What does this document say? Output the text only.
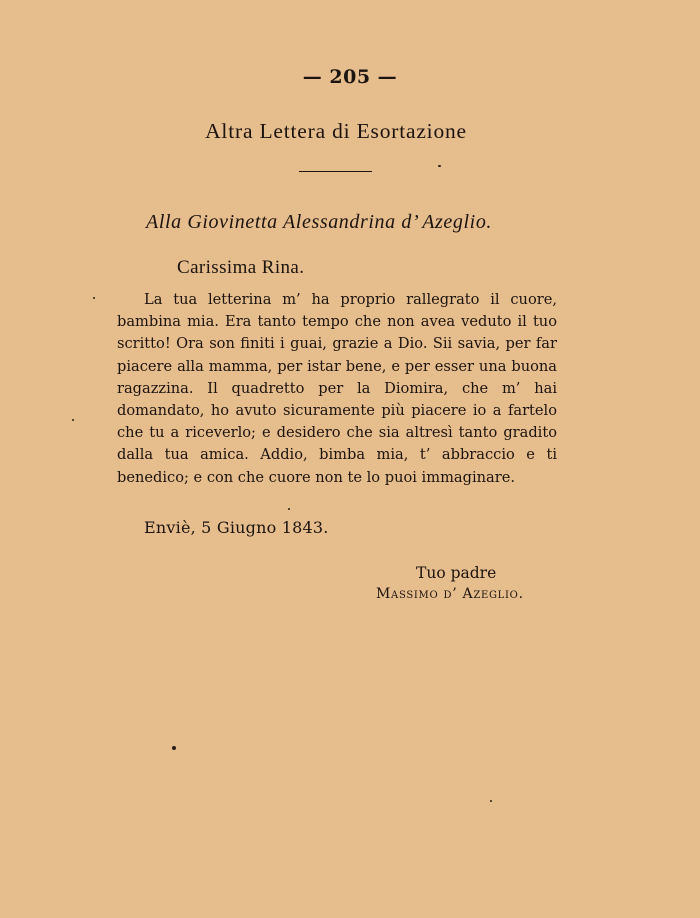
— 205 —
Altra Lettera di Esortazione
Alla Giovinetta Alessandrina d’ Azeglio.
Carissima Rina.

La tua letterina m’ ha proprio rallegrato il cuore, bambina mia. Era tanto tempo che non avea veduto il tuo scritto! Ora son finiti i guai, grazie a Dio. Sii savia, per far piacere alla mamma, per istar bene, e per esser una buona ragazzina. Il quadretto per la Diomira, che m’ hai domandato, ho avuto sicuramente più piacere io a fartelo che tu a riceverlo; e desidero che sia altresì tanto gradito dalla tua amica. Addio, bimba mia, t’ abbraccio e ti benedico; e con che cuore non te lo puoi immaginare.

Enviè, 5 Giugno 1843.
Tuo padre
Massimo d’ Azeglio.
